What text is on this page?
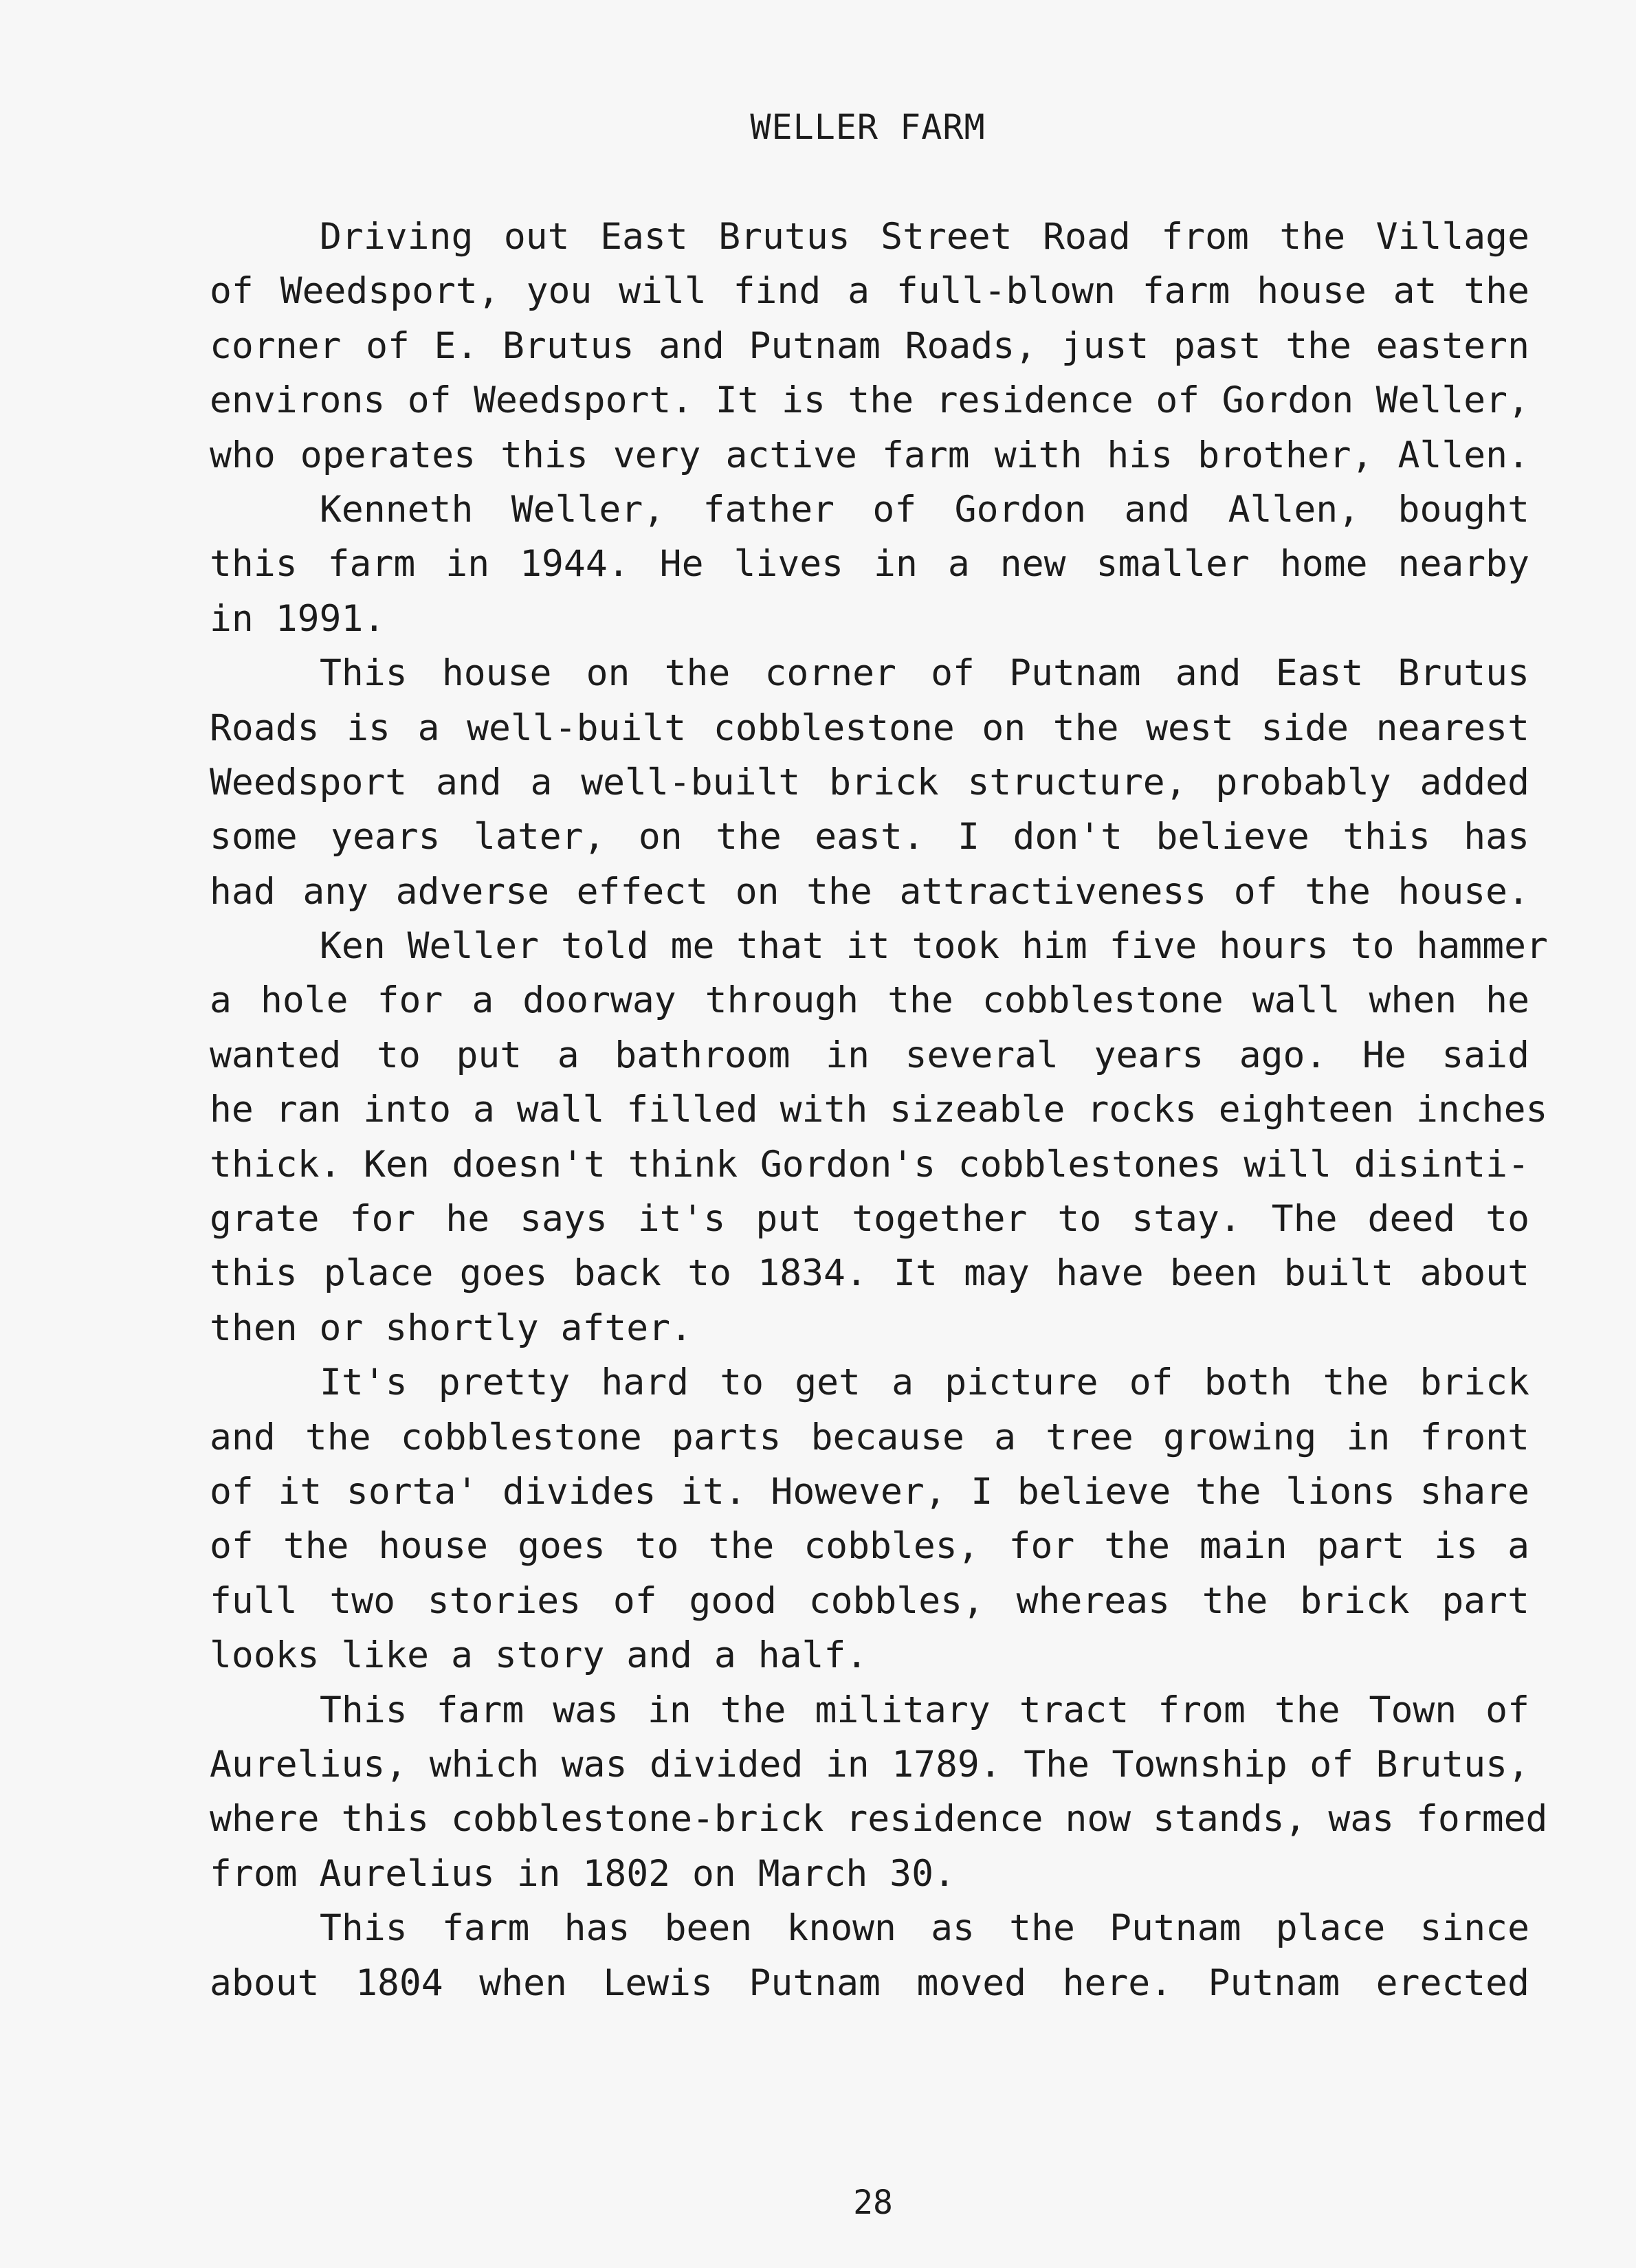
WELLER FARM
Driving out East Brutus Street Road from the Village
of Weedsport, you will find a full-blown farm house at the
corner of E. Brutus and Putnam Roads, just past the eastern
environs of Weedsport. It is the residence of Gordon Weller,
who operates this very active farm with his brother, Allen.
Kenneth Weller, father of Gordon and Allen, bought
this farm in 1944. He lives in a new smaller home nearby
in 1991.
This house on the corner of Putnam and East Brutus
Roads is a well-built cobblestone on the west side nearest
Weedsport and a well-built brick structure, probably added
some years later, on the east. I don't believe this has
had any adverse effect on the attractiveness of the house.
Ken Weller told me that it took him five hours to hammer
a hole for a doorway through the cobblestone wall when he
wanted to put a bathroom in several years ago. He said
he ran into a wall filled with sizeable rocks eighteen inches
thick. Ken doesn't think Gordon's cobblestones will disinti-
grate for he says it's put together to stay. The deed to
this place goes back to 1834. It may have been built about
then or shortly after.
It's pretty hard to get a picture of both the brick
and the cobblestone parts because a tree growing in front
of it sorta' divides it. However, I believe the lions share
of the house goes to the cobbles, for the main part is a
full two stories of good cobbles, whereas the brick part
looks like a story and a half.
This farm was in the military tract from the Town of
Aurelius, which was divided in 1789. The Township of Brutus,
where this cobblestone-brick residence now stands, was formed
from Aurelius in 1802 on March 30.
This farm has been known as the Putnam place since
about 1804 when Lewis Putnam moved here. Putnam erected
28
